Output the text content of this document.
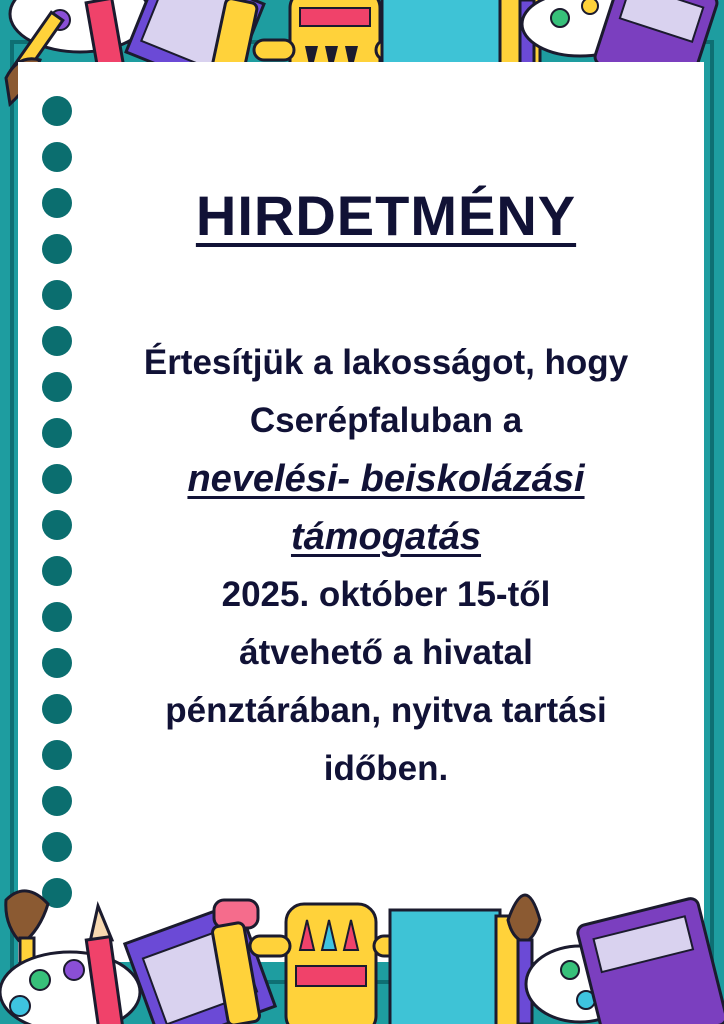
HIRDETMÉNY
Értesítjük a lakosságot, hogy
Cserépfaluban a
nevelési- beiskolázási
támogatás
2025. október 15-től
átvehető a hivatal
pénztárában, nyitva tartási
időben.
